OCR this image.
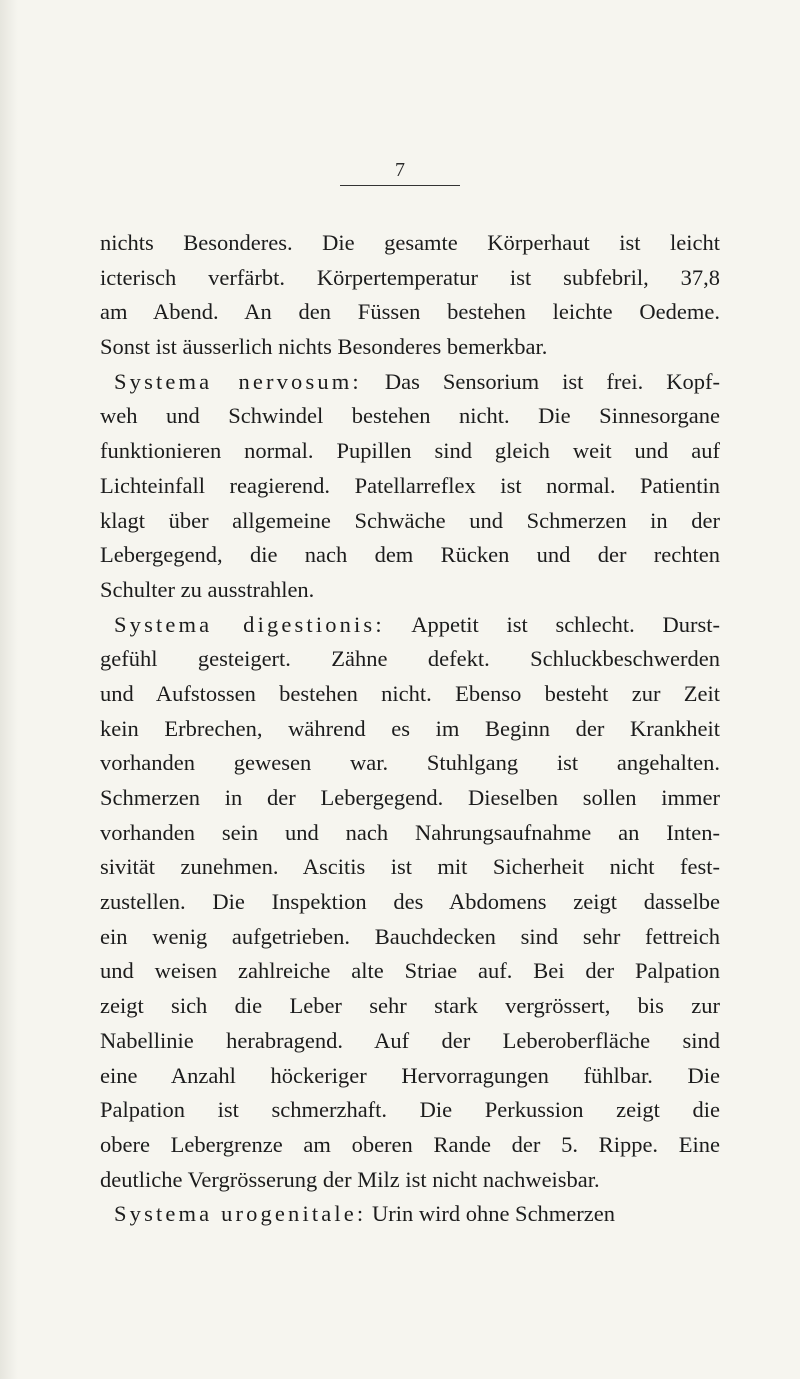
7
nichts Besonderes. Die gesamte Körperhaut ist leicht
icterisch verfärbt. Körpertemperatur ist subfebril, 37,8
am Abend. An den Füssen bestehen leichte Oedeme.
Sonst ist äusserlich nichts Besonderes bemerkbar.
Systema nervosum: Das Sensorium ist frei. Kopf-
weh und Schwindel bestehen nicht. Die Sinnesorgane
funktionieren normal. Pupillen sind gleich weit und auf
Lichteinfall reagierend. Patellarreflex ist normal. Patientin
klagt über allgemeine Schwäche und Schmerzen in der
Lebergegend, die nach dem Rücken und der rechten
Schulter zu ausstrahlen.
Systema digestionis: Appetit ist schlecht. Durst-
gefühl gesteigert. Zähne defekt. Schluckbeschwerden
und Aufstossen bestehen nicht. Ebenso besteht zur Zeit
kein Erbrechen, während es im Beginn der Krankheit
vorhanden gewesen war. Stuhlgang ist angehalten.
Schmerzen in der Lebergegend. Dieselben sollen immer
vorhanden sein und nach Nahrungsaufnahme an Inten-
sivität zunehmen. Ascitis ist mit Sicherheit nicht fest-
zustellen. Die Inspektion des Abdomens zeigt dasselbe
ein wenig aufgetrieben. Bauchdecken sind sehr fettreich
und weisen zahlreiche alte Striae auf. Bei der Palpation
zeigt sich die Leber sehr stark vergrössert, bis zur
Nabellinie herabragend. Auf der Leberoberfläche sind
eine Anzahl höckeriger Hervorragungen fühlbar. Die
Palpation ist schmerzhaft. Die Perkussion zeigt die
obere Lebergrenze am oberen Rande der 5. Rippe. Eine
deutliche Vergrösserung der Milz ist nicht nachweisbar.
Systema urogenitale: Urin wird ohne Schmerzen
